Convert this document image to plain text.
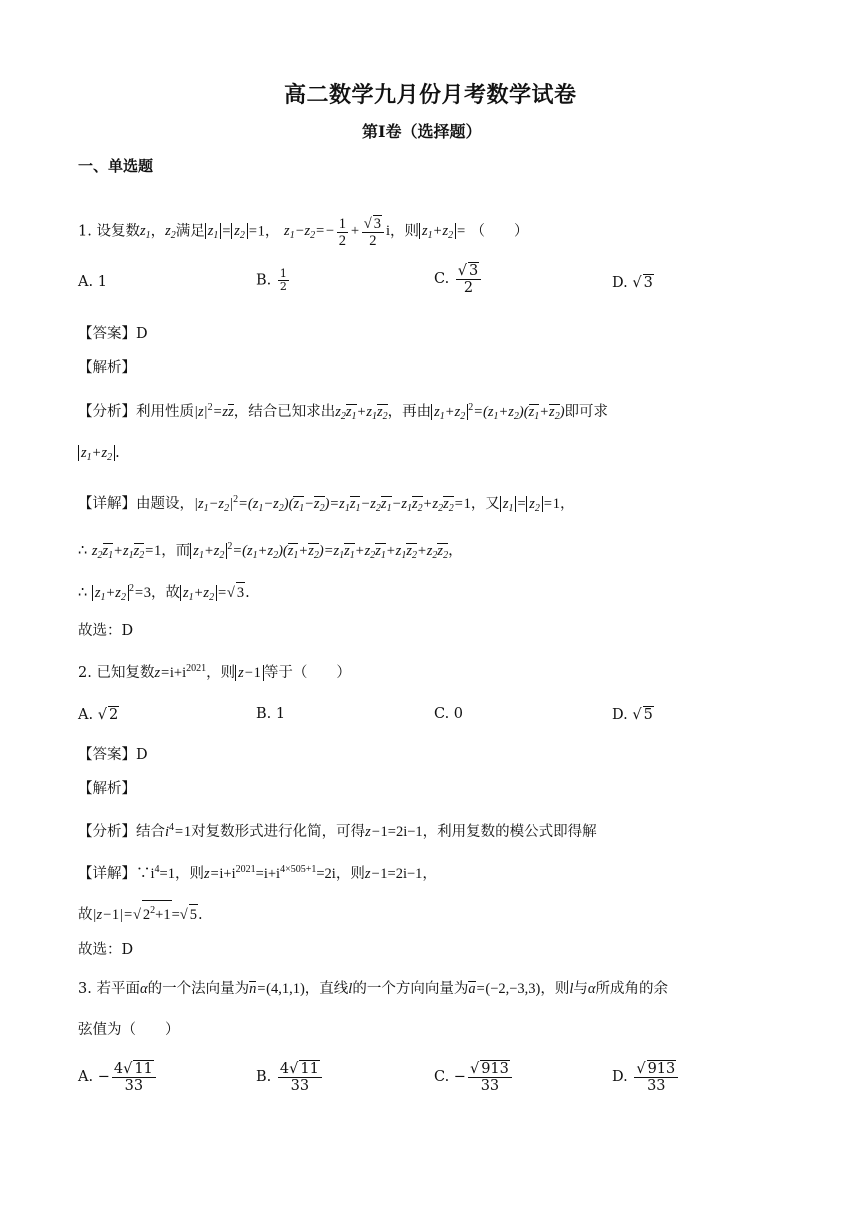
高二数学九月份月考数学试卷
第I卷（选择题）
一、单选题
1. 设复数$z_1$，$z_2$满足 $z_1 = z_2 =1$， $z_1-z_2=- \frac{1}{2} + \frac{√ 3}{2}$ i，则 $z_1+z_2$ = （　　）
A. 1	B. $\frac{1}{2}$	C. $\frac{√ 3}{2}$	D. √ 3
【答案】D
【解析】
【分析】利用性质$|z|^2=zz$，结合已知求出$z_2z_1+z_1z_2$，再由 $z_1+z_2^2=(z_1+z_2)(z_1+z_2)$即可求
$z_1+z_2$ .
【详解】由题设，$|z_1-z_2|^2=(z_1-z_2)(z_1-z_2)=z_1z_1-z_2z_1-z_1z_2+z_2z_2=1$，又 $z_1 = z_2 =1$，
∴ $z_2z_1+z_1z_2=1$，而 $z_1+z_2^2=(z_1+z_2)(z_1+z_2)=z_1z_1+z_2z_1+z_1z_2+z_2z_2$，
∴ $z_1+z_2^2=3$，故 $z_1+z_2$ =√ 3.
故选：D
2. 已知复数$z=i+i^{2021}$，则 z−1 等于（　　）
A. √ 2	B. 1	C. 0	D. √ 5
【答案】D
【解析】
【分析】结合$i^4=1$对复数形式进行化简，可得z−1=2i−1，利用复数的模公式即得解
【详解】$\because i^4=1$，则$z=i+i^{2021}=i+i^{4\times 505+1}=2i$，则z−1=2i−1，
故|z−1|=√ $2^2+1=√$ 5.
故选：D
3. 若平面α的一个法向量为n=(4,1,1)，直线l的一个方向向量为a=(−2,−3,3)，则l与α所成角的余
弦值为（　　）
A. − $\frac{4√ 11}{33}$	B. $\frac{4√ 11}{33}$	C. − $\frac{√ 913}{33}$	D. $\frac{√ 913}{33}$
